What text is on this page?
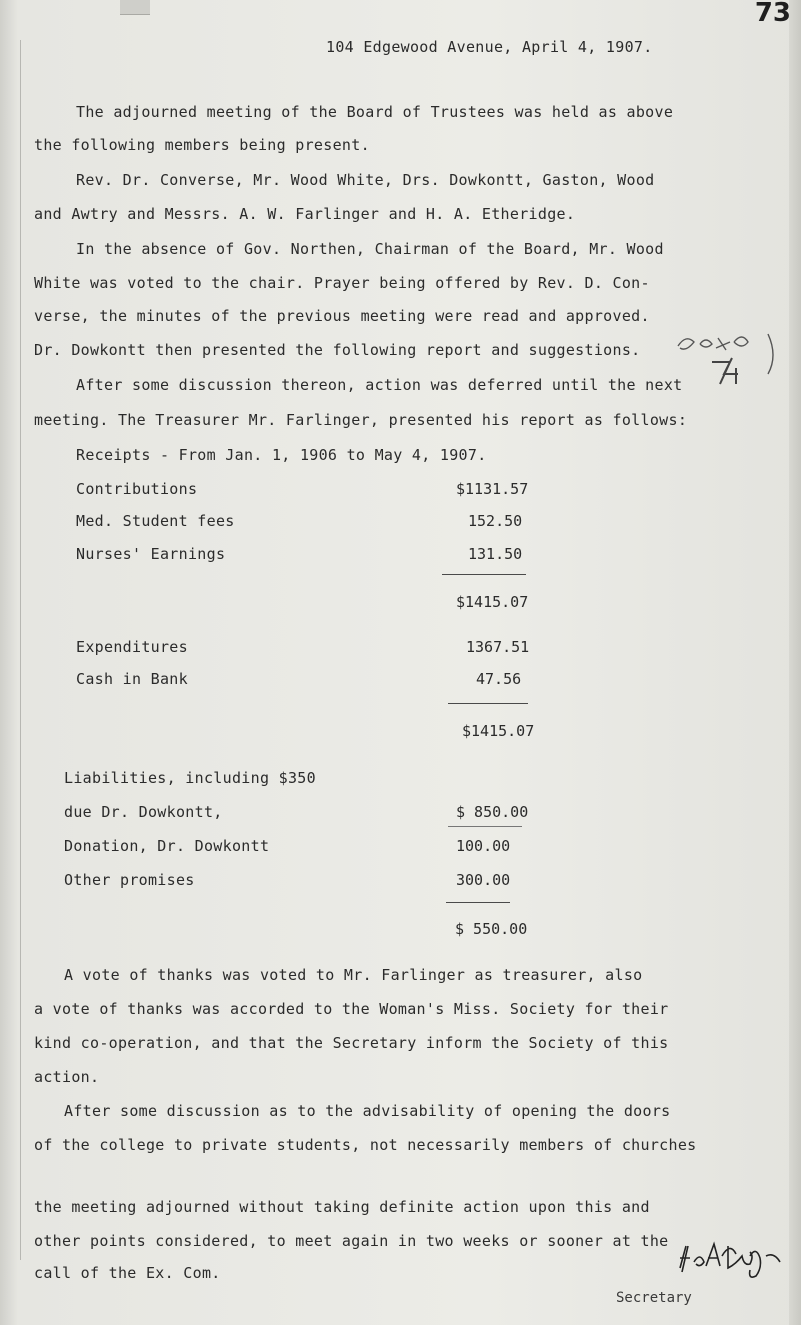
73
104 Edgewood Avenue, April 4, 1907.
The adjourned meeting of the Board of Trustees was held as above
the following members being present.
Rev. Dr. Converse, Mr. Wood White, Drs. Dowkontt, Gaston, Wood
and Awtry and Messrs. A. W. Farlinger and H. A. Etheridge.
In the absence of Gov. Northen, Chairman of the Board, Mr. Wood
White was voted to the chair. Prayer being offered by Rev. D. Con-
verse, the minutes of the previous meeting were read and approved.
Dr. Dowkontt then presented the following report and suggestions.
After some discussion thereon, action was deferred until the next
meeting. The Treasurer Mr. Farlinger, presented his report as follows:
Receipts - From Jan. 1, 1906 to May 4, 1907.
Contributions	$1131.57
Med. Student fees	152.50
Nurses' Earnings	131.50
$1415.07
Expenditures	1367.51
Cash in Bank	47.56
$1415.07
Liabilities, including $350
due Dr. Dowkontt,	$ 850.00
Donation, Dr. Dowkontt	100.00
Other promises	300.00
$ 550.00
A vote of thanks was voted to Mr. Farlinger as treasurer, also
a vote of thanks was accorded to the Woman's Miss. Society for their
kind co-operation, and that the Secretary inform the Society of this
action.
After some discussion as to the advisability of opening the doors
of the college to private students, not necessarily members of churches
the meeting adjourned without taking definite action upon this and
other points considered, to meet again in two weeks or sooner at the
call of the Ex. Com.
Secretary
